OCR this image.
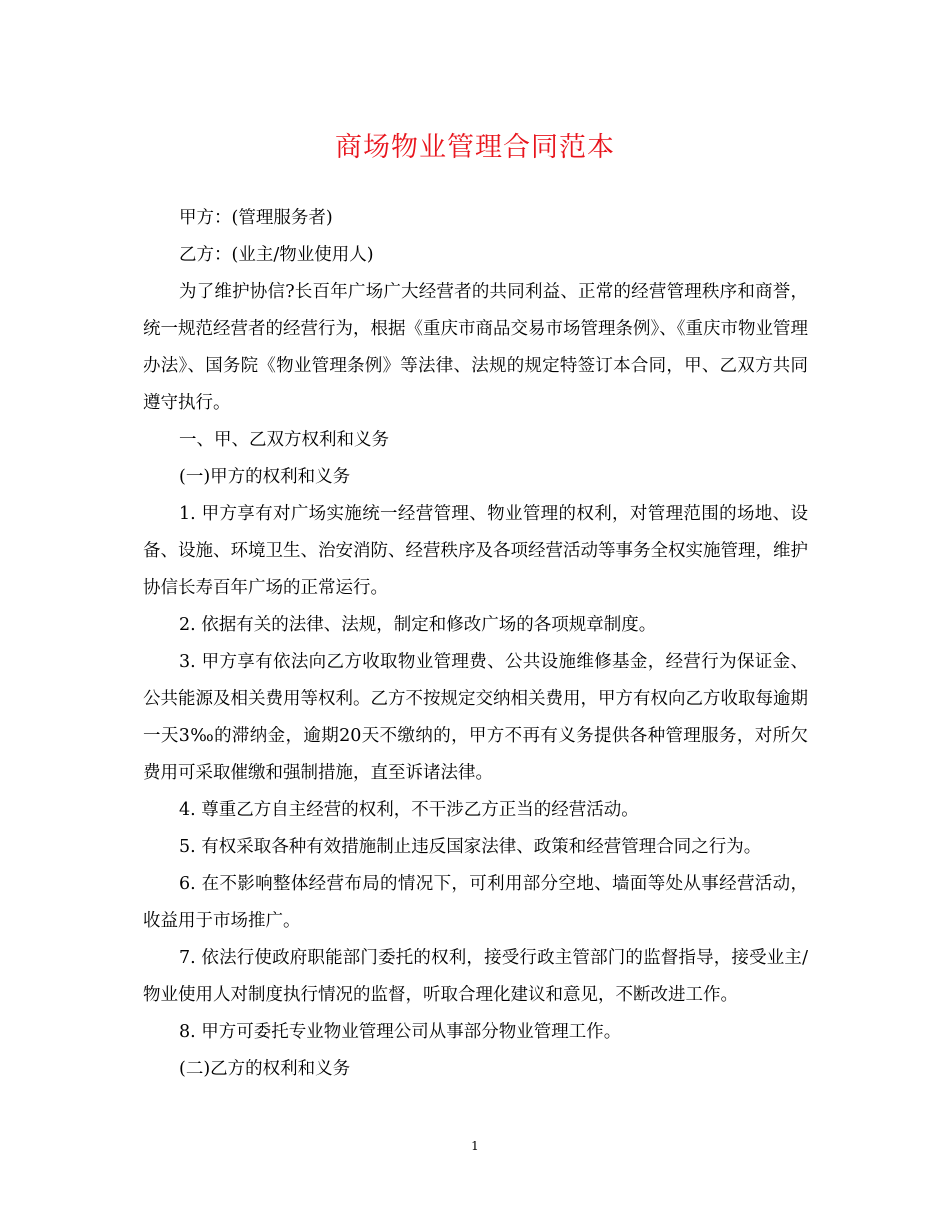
商场物业管理合同范本

甲方：(管理服务者)

乙方：(业主/物业使用人)

为了维护协信?长百年广场广大经营者的共同利益、正常的经营管理秩序和商誉，统一规范经营者的经营行为，根据《重庆市商品交易市场管理条例》、《重庆市物业管理办法》、国务院《物业管理条例》等法律、法规的规定特签订本合同，甲、乙双方共同遵守执行。

一、甲、乙双方权利和义务

(一)甲方的权利和义务

1. 甲方享有对广场实施统一经营管理、物业管理的权利，对管理范围的场地、设备、设施、环境卫生、治安消防、经营秩序及各项经营活动等事务全权实施管理，维护协信长寿百年广场的正常运行。

2. 依据有关的法律、法规，制定和修改广场的各项规章制度。

3. 甲方享有依法向乙方收取物业管理费、公共设施维修基金，经营行为保证金、公共能源及相关费用等权利。乙方不按规定交纳相关费用，甲方有权向乙方收取每逾期一天3‰的滞纳金，逾期20天不缴纳的，甲方不再有义务提供各种管理服务，对所欠费用可采取催缴和强制措施，直至诉诸法律。

4. 尊重乙方自主经营的权利，不干涉乙方正当的经营活动。

5. 有权采取各种有效措施制止违反国家法律、政策和经营管理合同之行为。

6. 在不影响整体经营布局的情况下，可利用部分空地、墙面等处从事经营活动，收益用于市场推广。

7. 依法行使政府职能部门委托的权利，接受行政主管部门的监督指导，接受业主/物业使用人对制度执行情况的监督，听取合理化建议和意见，不断改进工作。

8. 甲方可委托专业物业管理公司从事部分物业管理工作。

(二)乙方的权利和义务

1
